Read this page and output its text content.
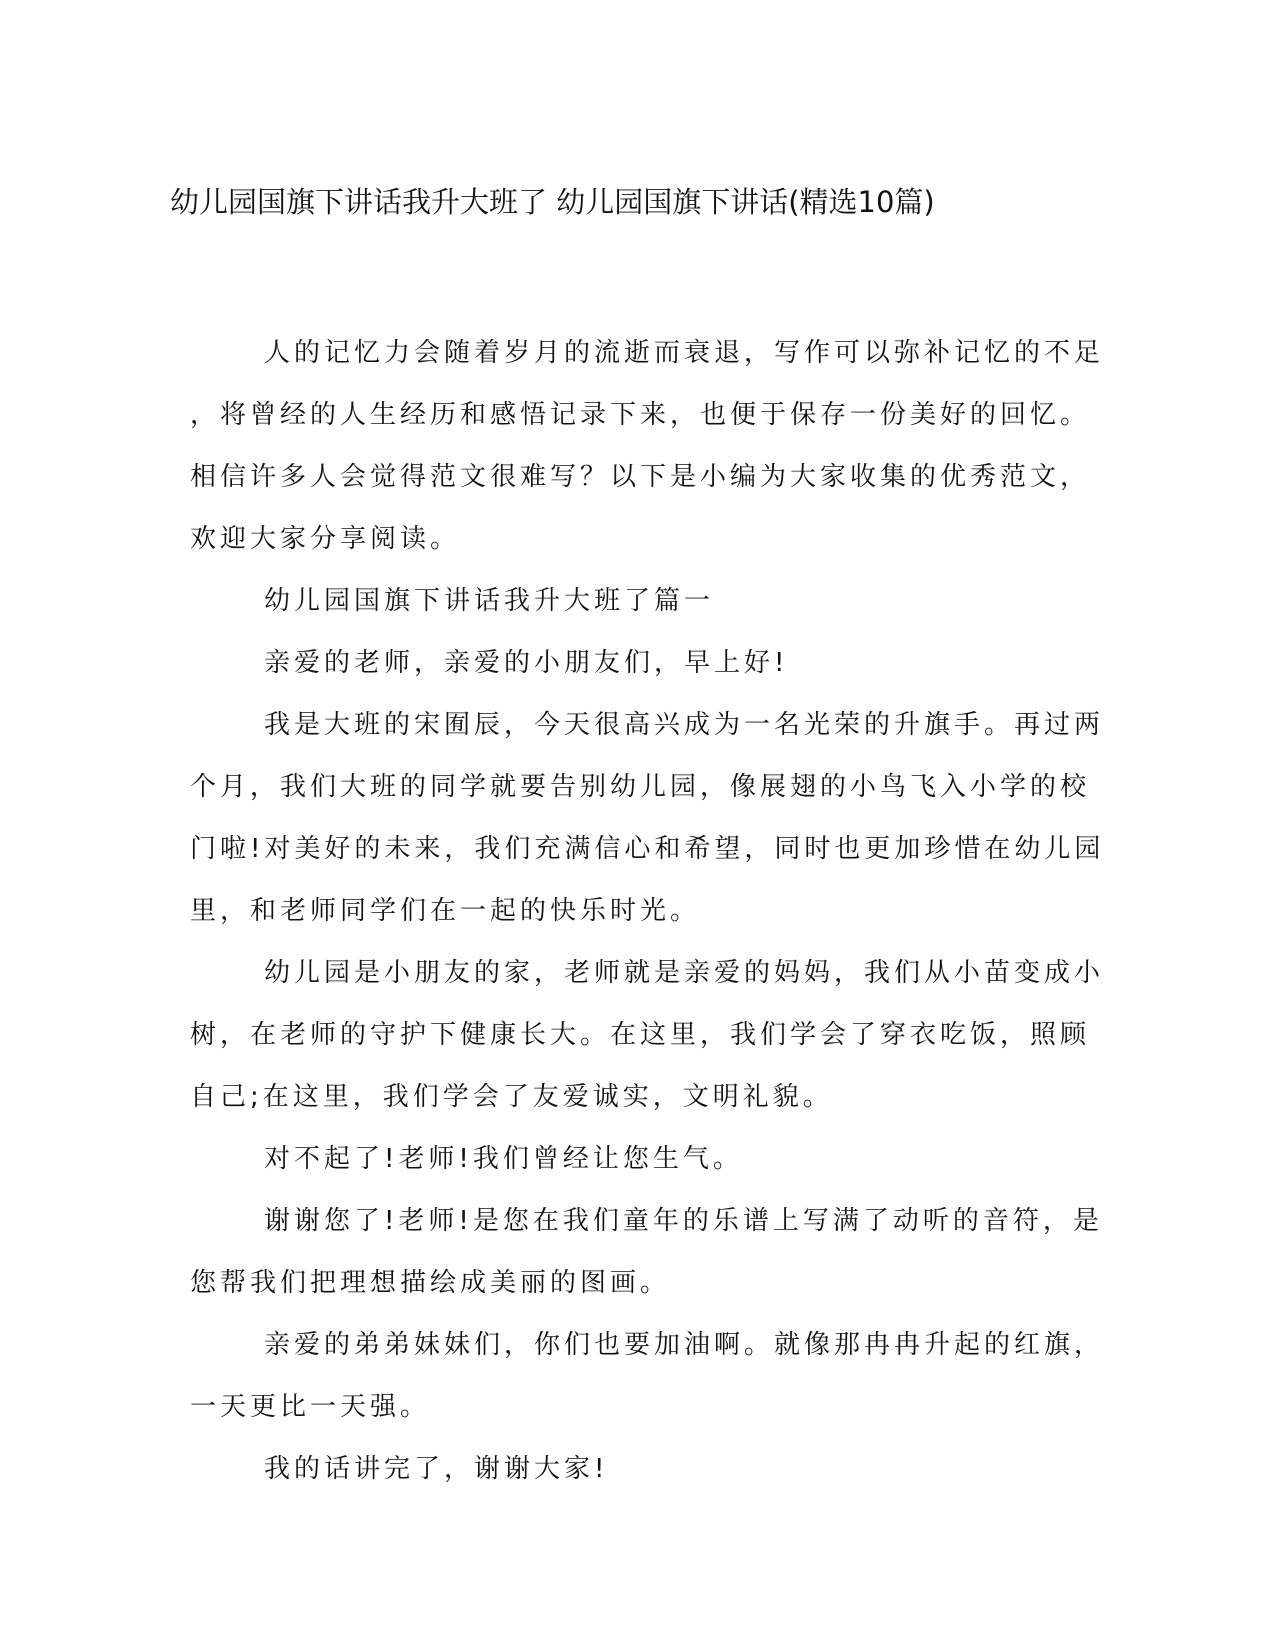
幼儿园国旗下讲话我升大班了 幼儿园国旗下讲话(精选10篇)

人的记忆力会随着岁月的流逝而衰退，写作可以弥补记忆的不足

，将曾经的人生经历和感悟记录下来，也便于保存一份美好的回忆。

相信许多人会觉得范文很难写？以下是小编为大家收集的优秀范文，

欢迎大家分享阅读。

幼儿园国旗下讲话我升大班了篇一

亲爱的老师，亲爱的小朋友们，早上好!

我是大班的宋囿辰，今天很高兴成为一名光荣的升旗手。再过两

个月，我们大班的同学就要告别幼儿园，像展翅的小鸟飞入小学的校

门啦!对美好的未来，我们充满信心和希望，同时也更加珍惜在幼儿园

里，和老师同学们在一起的快乐时光。

幼儿园是小朋友的家，老师就是亲爱的妈妈，我们从小苗变成小

树，在老师的守护下健康长大。在这里，我们学会了穿衣吃饭，照顾

自己;在这里，我们学会了友爱诚实，文明礼貌。

对不起了!老师!我们曾经让您生气。

谢谢您了!老师!是您在我们童年的乐谱上写满了动听的音符，是

您帮我们把理想描绘成美丽的图画。

亲爱的弟弟妹妹们，你们也要加油啊。就像那冉冉升起的红旗，

一天更比一天强。

我的话讲完了，谢谢大家!
